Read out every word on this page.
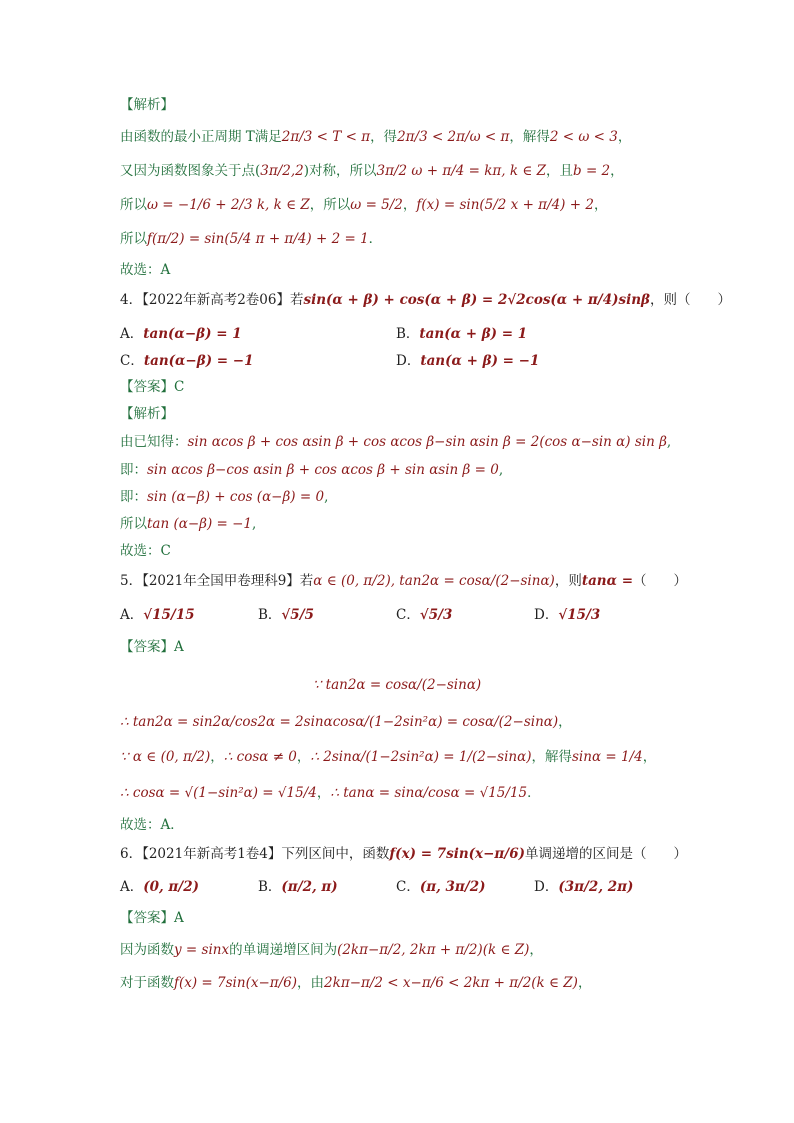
【解析】
由函数的最小正周期 T满足2π/3 < T < π，得2π/3 < 2π/ω < π，解得2 < ω < 3，
又因为函数图象关于点(3π/2,2)对称，所以3π/2 ω + π/4 = kπ, k ∈ Z，且b = 2，
所以ω = −1/6 + 2/3 k, k ∈ Z，所以ω = 5/2，f(x) = sin(5/2 x + π/4) + 2，
所以f(π/2) = sin(5/4 π + π/4) + 2 = 1．
故选：A
4．【2022年新高考2卷06】若sin(α + β) + cos(α + β) = 2√2cos(α + π/4)sinβ，则（　　）
【答案】C
【解析】
由已知得：sin αcos β + cos αsin β + cos αcos β−sin αsin β = 2(cos α−sin α) sin β,
即：sin αcos β−cos αsin β + cos αcos β + sin αsin β = 0,
即：sin (α−β) + cos (α−β) = 0,
所以tan (α−β) = −1,
故选：C
5．【2021年全国甲卷理科9】若α ∈ (0, π/2), tan2α = cosα/(2−sinα)，则tanα =（　　）
【答案】A
∵ tan2α = cosα/(2−sinα)
∴ tan2α = sin2α/cos2α = 2sinαcosα/(1−2sin²α) = cosα/(2−sinα)，
∵ α ∈ (0, π/2)，∴ cosα ≠ 0，∴ 2sinα/(1−2sin²α) = 1/(2−sinα)，解得sinα = 1/4，
∴ cosα = √(1−sin²α) = √15/4，∴ tanα = sinα/cosα = √15/15．
故选：A．
6．【2021年新高考1卷4】下列区间中，函数f(x) = 7sin(x−π/6)单调递增的区间是（　　）
【答案】A
因为函数y = sinx的单调递增区间为(2kπ−π/2, 2kπ + π/2)(k ∈ Z)，
对于函数f(x) = 7sin(x−π/6)，由2kπ−π/2 < x−π/6 < 2kπ + π/2(k ∈ Z)，
A．tan(α−β) = 1	B．tan(α + β) = 1
C．tan(α−β) = −1	D．tan(α + β) = −1
A．√15/15	B．√5/5	C．√5/3	D．√15/3
A．(0, π/2)	B．(π/2, π)	C．(π, 3π/2)	D．(3π/2, 2π)
